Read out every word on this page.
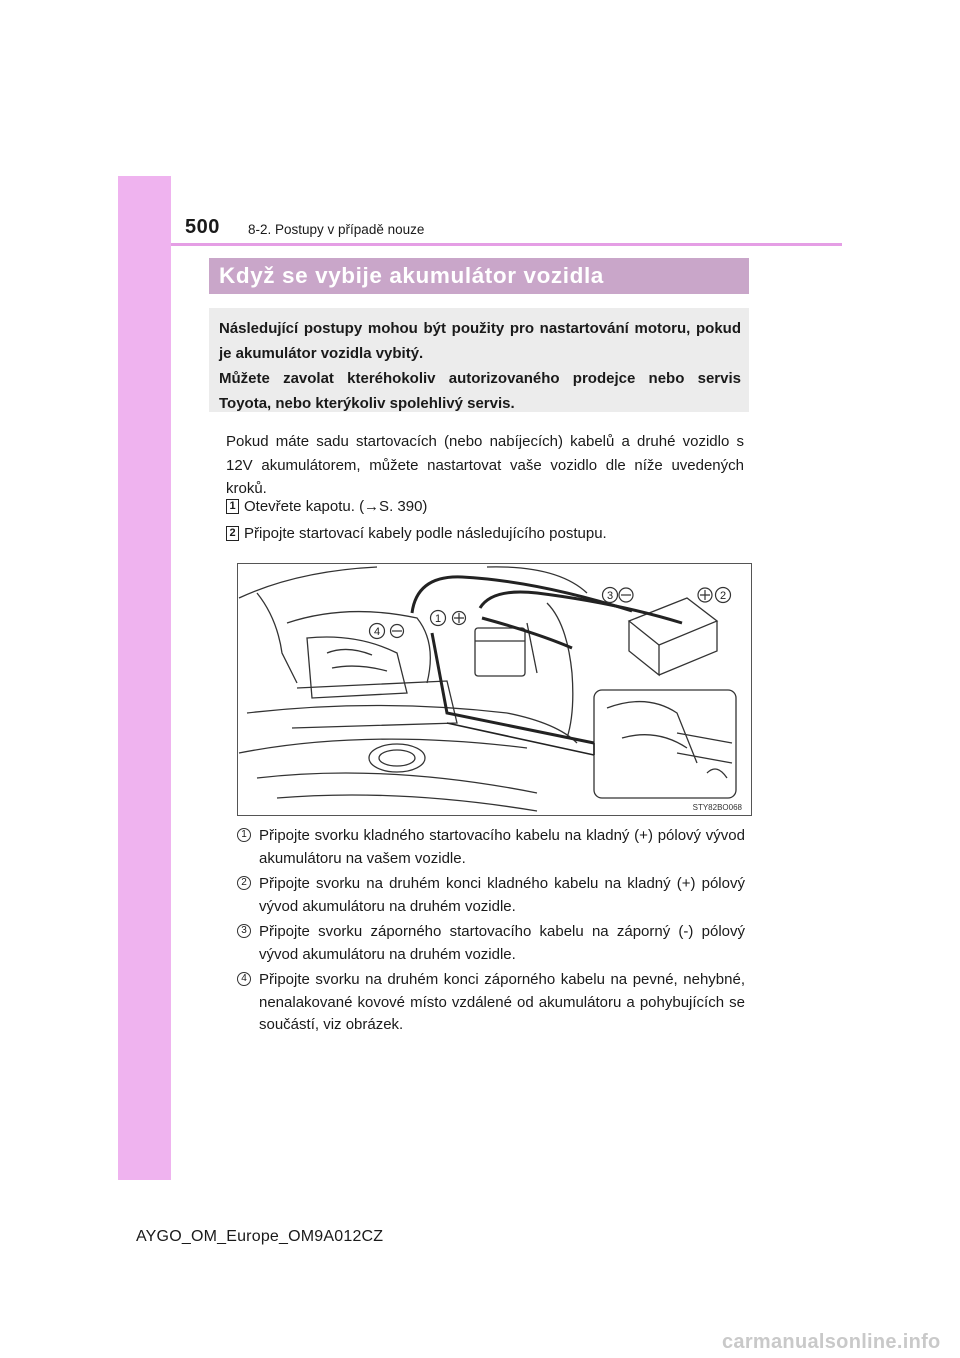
500 8-2. Postupy v případě nouze
Když se vybije akumulátor vozidla

Následující postupy mohou být použity pro nastartování motoru, pokud je akumulátor vozidla vybitý.

Můžete zavolat kteréhokoliv autorizovaného prodejce nebo servis Toyota, nebo kterýkoliv spolehlivý servis.

Pokud máte sadu startovacích (nebo nabíjecích) kabelů a druhé vozidlo s 12V akumulátorem, můžete nastartovat vaše vozidlo dle níže uvedených kroků.

1 Otevřete kapotu. (→S. 390)
2 Připojte startovací kabely podle následujícího postupu.
3	2
1
4
STY82BO068
1 Připojte svorku kladného startovacího kabelu na kladný (+) pólový vývod akumulátoru na vašem vozidle.
2 Připojte svorku na druhém konci kladného kabelu na kladný (+) pólový vývod akumulátoru na druhém vozidle.
3 Připojte svorku záporného startovacího kabelu na záporný (-) pólový vývod akumulátoru na druhém vozidle.
4 Připojte svorku na druhém konci záporného kabelu na pevné, nehybné, nenalakované kovové místo vzdálené od akumulátoru a pohybujících se součástí, viz obrázek.
AYGO_OM_Europe_OM9A012CZ
carmanualsonline.info
